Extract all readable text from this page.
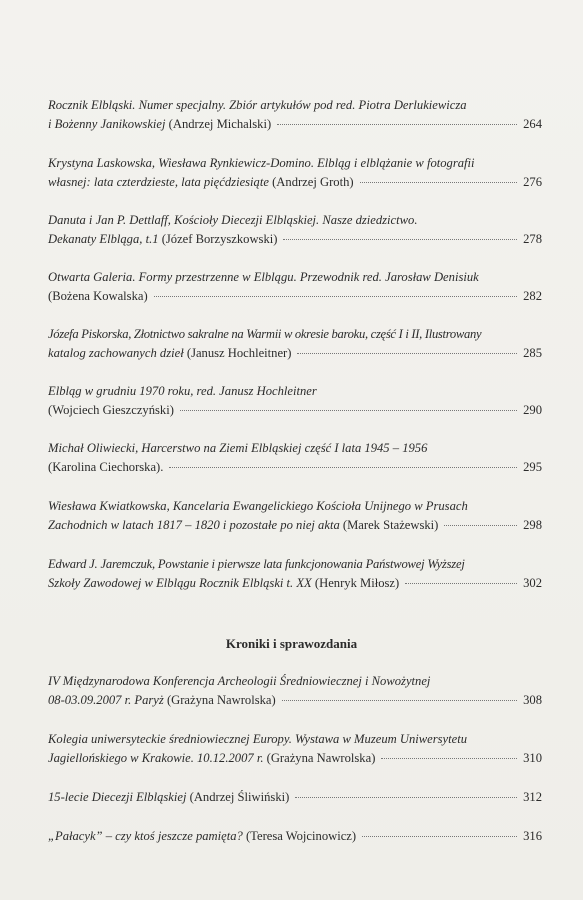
Rocznik Elbląski. Numer specjalny. Zbiór artykułów pod red. Piotra Derlukiewicza
i Bożenny Janikowskiej
(Andrzej Michalski)	264
Krystyna Laskowska, Wiesława Rynkiewicz-Domino. Elbląg i elblążanie w fotografii
własnej: lata czterdzieste, lata pięćdziesiąte
(Andrzej Groth)	276
Danuta i Jan P. Dettlaff, Kościoły Diecezji Elbląskiej. Nasze dziedzictwo.
Dekanaty Elbląga, t.1
(Józef Borzyszkowski)	278
Otwarta Galeria. Formy przestrzenne w Elblągu. Przewodnik red. Jarosław Denisiuk
(Bożena Kowalska)	282
Józefa Piskorska, Złotnictwo sakralne na Warmii w okresie baroku, część I i II, Ilustrowany
katalog zachowanych dzieł
(Janusz Hochleitner)	285
Elbląg w grudniu 1970 roku, red. Janusz Hochleitner
(Wojciech Gieszczyński)	290
Michał Oliwiecki, Harcerstwo na Ziemi Elbląskiej część I lata 1945 – 1956
(Karolina Ciechorska).	295
Wiesława Kwiatkowska, Kancelaria Ewangelickiego Kościoła Unijnego w Prusach
Zachodnich w latach 1817 – 1820 i pozostałe po niej akta
(Marek Stażewski)	298
Edward J. Jaremczuk, Powstanie i pierwsze lata funkcjonowania Państwowej Wyższej
Szkoły Zawodowej w Elblągu Rocznik Elbląski t. XX
(Henryk Miłosz)	302
IV Międzynarodowa Konferencja Archeologii Średniowiecznej i Nowożytnej
08-03.09.2007 r. Paryż
(Grażyna Nawrolska)	308
Kolegia uniwersyteckie średniowiecznej Europy. Wystawa w Muzeum Uniwersytetu
Jagiellońskiego w Krakowie. 10.12.2007 r.
(Grażyna Nawrolska)	310
15-lecie Diecezji Elbląskiej
(Andrzej Śliwiński)	312
„Pałacyk” – czy ktoś jeszcze pamięta?
(Teresa Wojcinowicz)	316
Kroniki i sprawozdania
